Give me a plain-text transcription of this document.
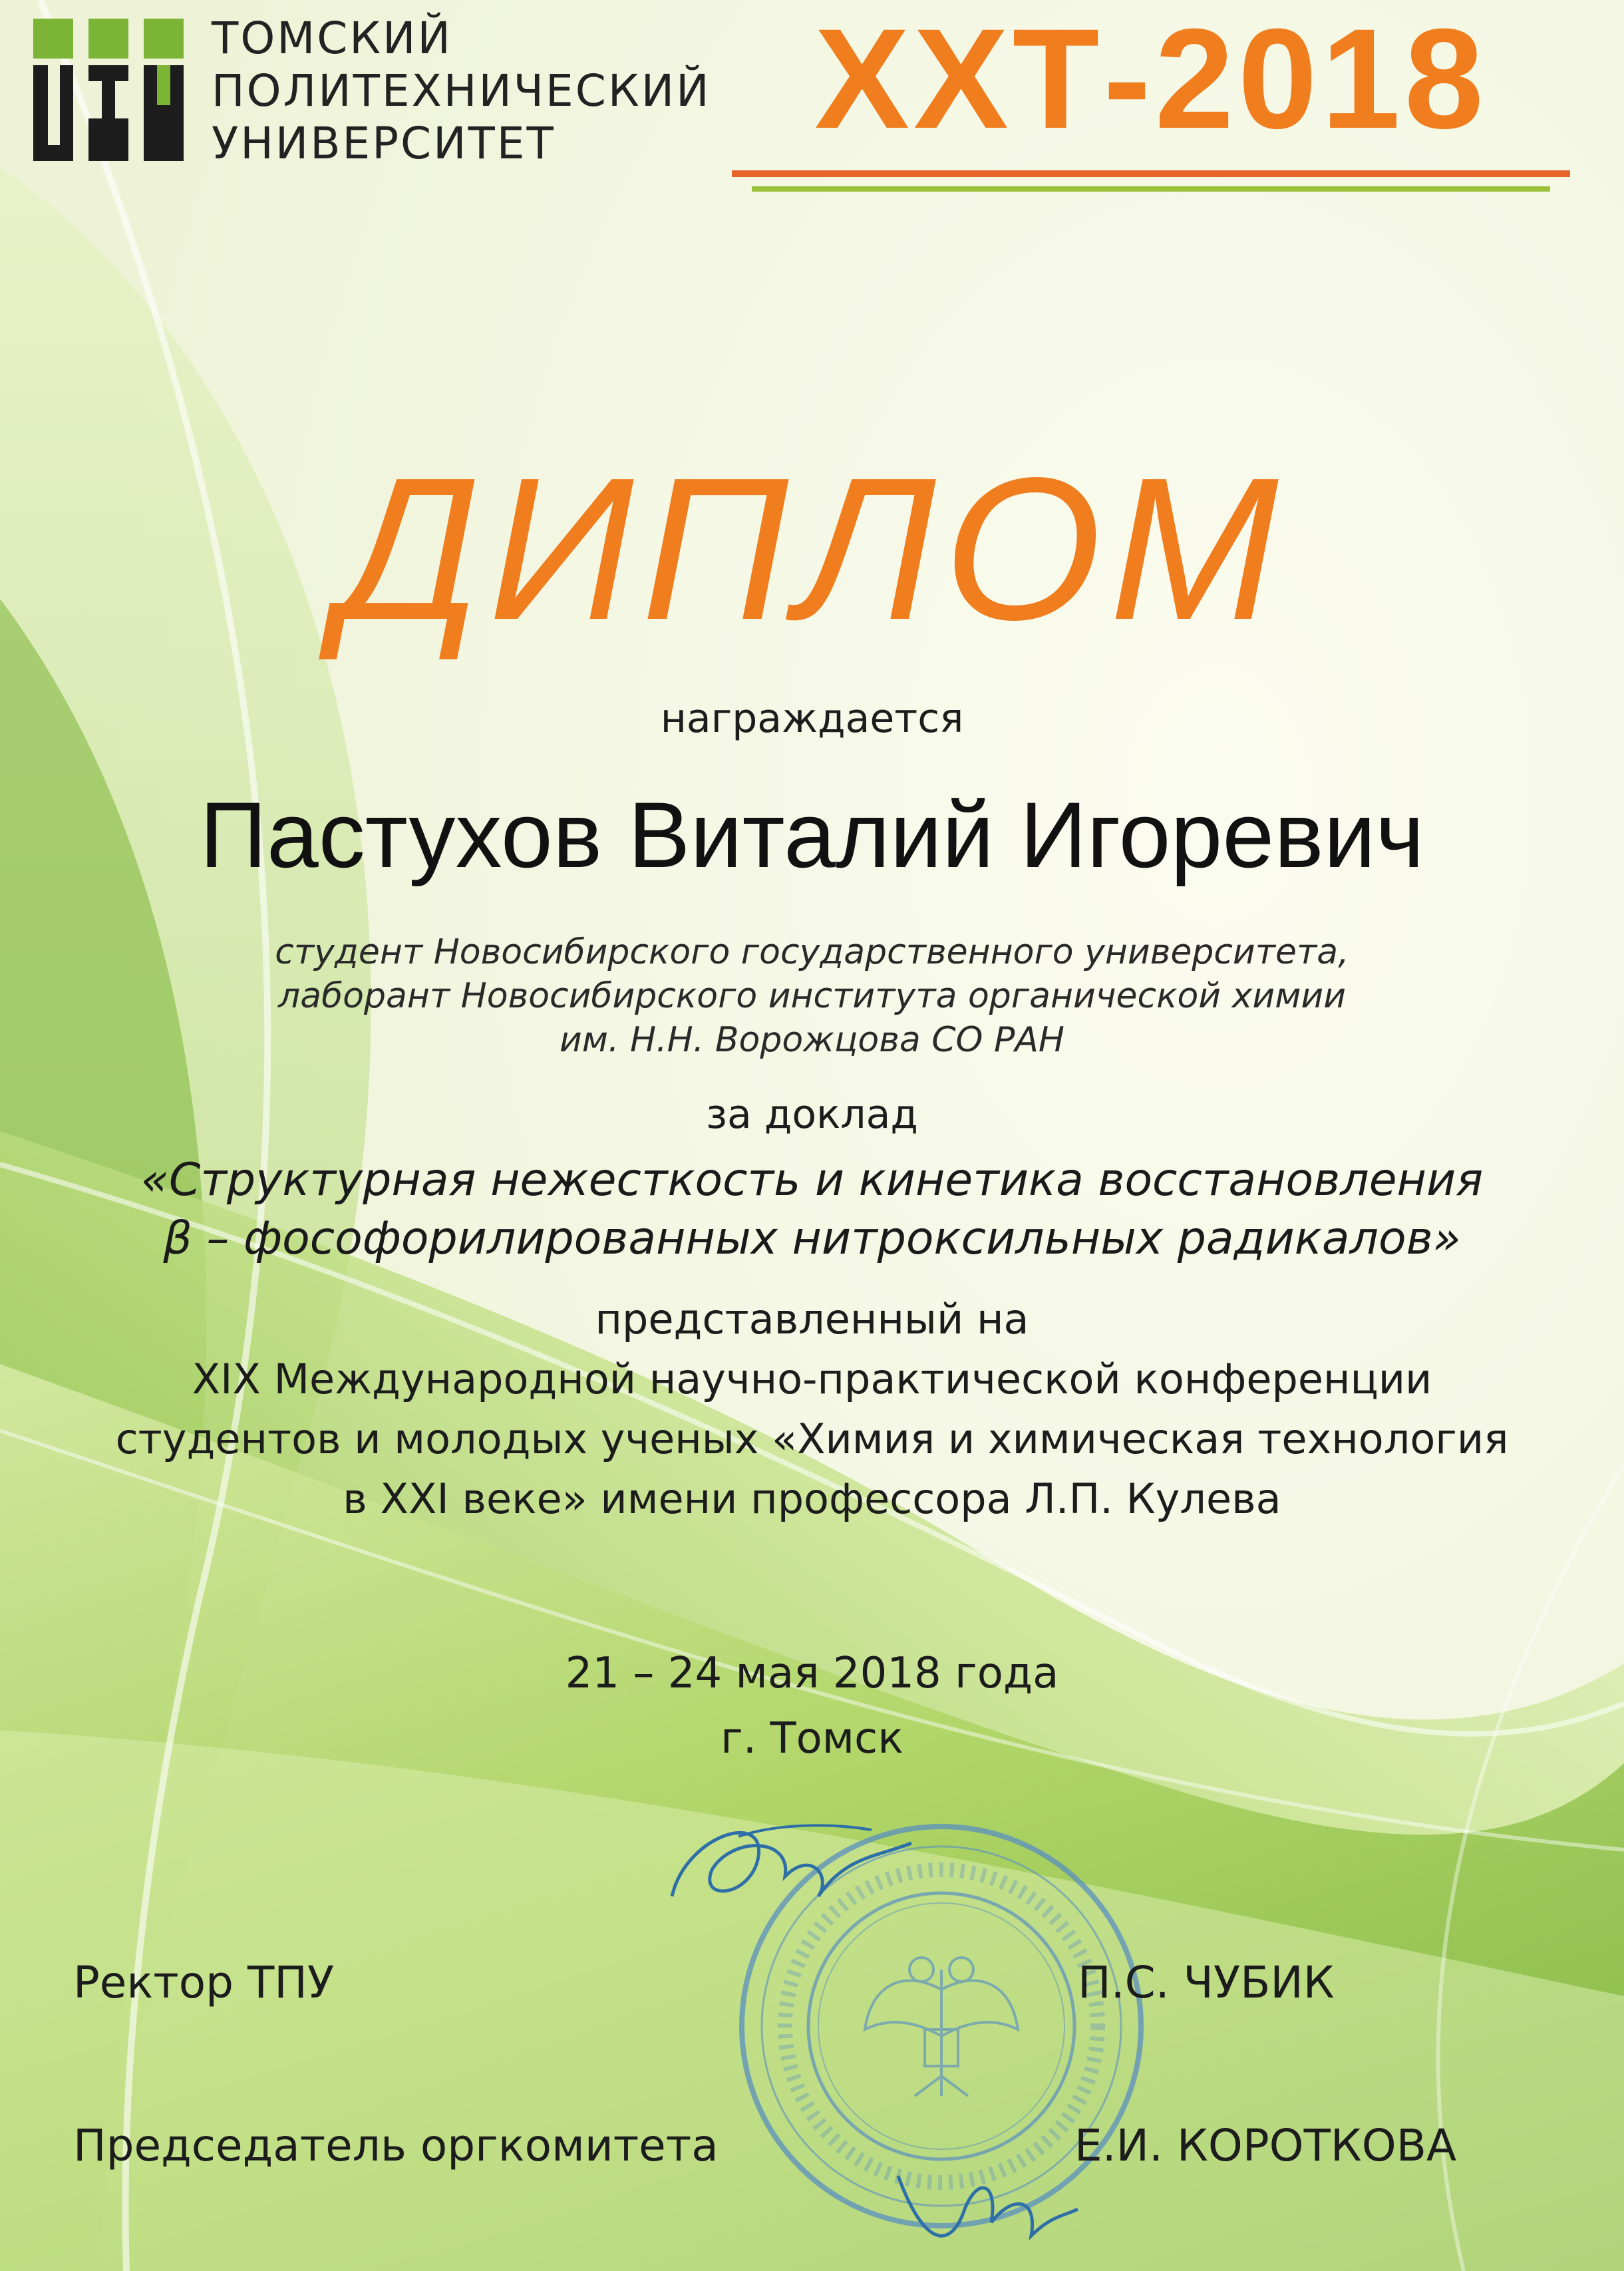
ТОМСКИЙ
ПОЛИТЕХНИЧЕСКИЙ
УНИВЕРСИТЕТ	ХХТ-2018
ДИПЛОМ
награждается
Пастухов Виталий Игоревич
студент Новосибирского государственного университета,
лаборант Новосибирского института органической химии
им. Н.Н. Ворожцова СО РАН
за доклад
«Структурная нежесткость и кинетика восстановления
β – фософорилированных нитроксильных радикалов»
представленный на
XIX Международной научно-практической конференции
студентов и молодых ученых «Химия и химическая технология
в XXI веке» имени профессора Л.П. Кулева
21 – 24 мая 2018 года
г. Томск
Ректор ТПУ	П.С. ЧУБИК
Председатель оргкомитета	Е.И. КОРОТКОВА
